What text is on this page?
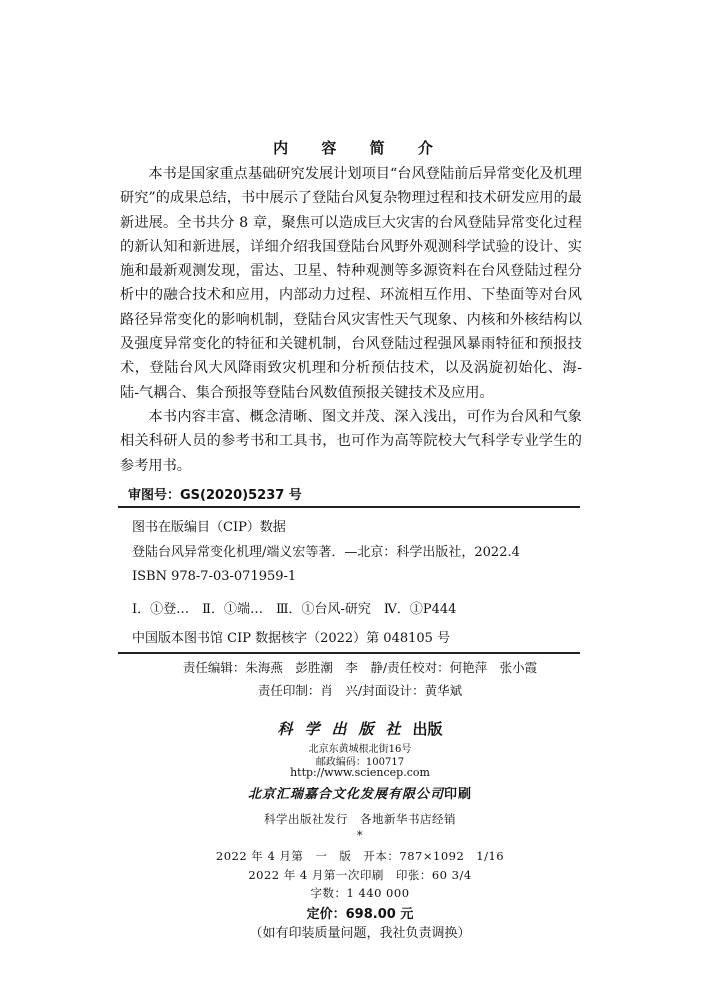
内 容 简 介

本书是国家重点基础研究发展计划项目“台风登陆前后异常变化及机理研究”的成果总结，书中展示了登陆台风复杂物理过程和技术研发应用的最新进展。全书共分 8 章，聚焦可以造成巨大灾害的台风登陆异常变化过程的新认知和新进展，详细介绍我国登陆台风野外观测科学试验的设计、实施和最新观测发现，雷达、卫星、特种观测等多源资料在台风登陆过程分析中的融合技术和应用，内部动力过程、环流相互作用、下垫面等对台风路径异常变化的影响机制，登陆台风灾害性天气现象、内核和外核结构以及强度异常变化的特征和关键机制，台风登陆过程强风暴雨特征和预报技术，登陆台风大风降雨致灾机理和分析预估技术，以及涡旋初始化、海-陆-气耦合、集合预报等登陆台风数值预报关键技术及应用。

本书内容丰富、概念清晰、图文并茂、深入浅出，可作为台风和气象相关科研人员的参考书和工具书，也可作为高等院校大气科学专业学生的参考用书。

审图号：GS(2020)5237 号
图书在版编目（CIP）数据
登陆台风异常变化机理/端义宏等著．—北京：科学出版社，2022.4
ISBN 978-7-03-071959-1
Ⅰ．①登…　Ⅱ．①端…　Ⅲ．①台风-研究　Ⅳ．①P444
中国版本图书馆 CIP 数据核字（2022）第 048105 号
责任编辑：朱海燕　彭胜潮　李　静/责任校对：何艳萍　张小霞
责任印制：肖　兴/封面设计：黄华斌
科学出版社出版
北京东黄城根北街16号
邮政编码：100717
http://www.sciencep.com
北京汇瑞嘉合文化发展有限公司印刷
科学出版社发行　各地新华书店经销
*
2022 年 4 月第　一　版　开本：787×1092　1/16
2022 年 4 月第一次印刷　印张：60 3/4
字数：1 440 000
定价：698.00 元
（如有印装质量问题，我社负责调换）
